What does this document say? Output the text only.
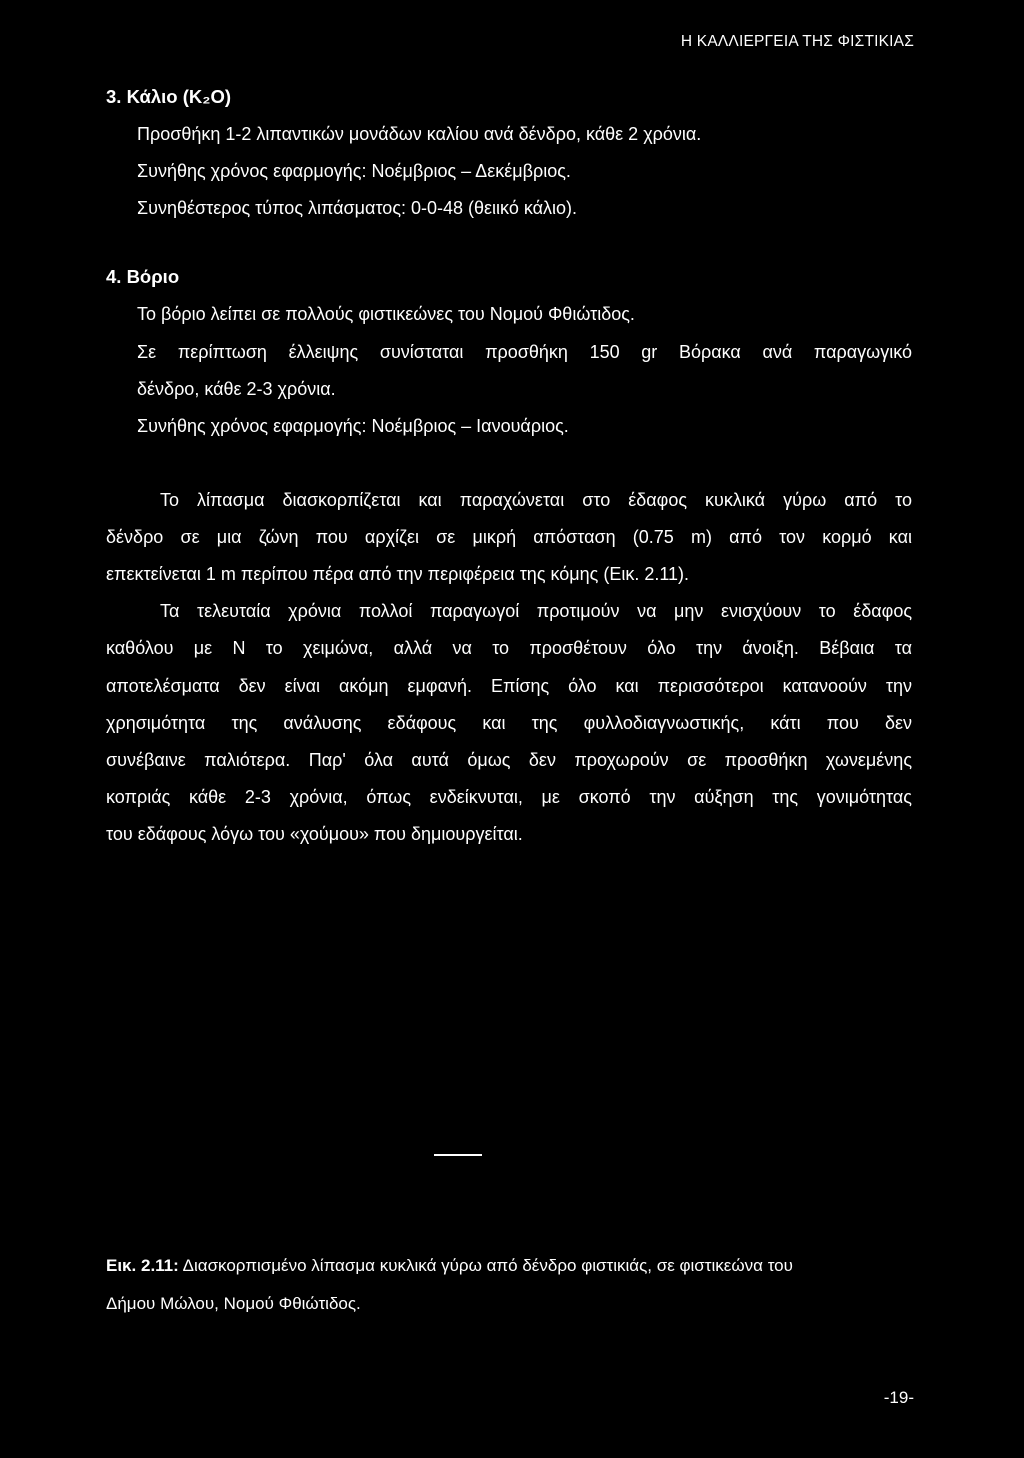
Η ΚΑΛΛΙΕΡΓΕΙΑ ΤΗΣ ΦΙΣΤΙΚΙΑΣ
3. Κάλιο (K₂O)
Προσθήκη 1-2 λιπαντικών μονάδων καλίου ανά δένδρο, κάθε 2 χρόνια.
Συνήθης χρόνος εφαρμογής: Νοέμβριος – Δεκέμβριος.
Συνηθέστερος τύπος λιπάσματος: 0-0-48 (θειικό κάλιο).
4. Βόριο
Το βόριο λείπει σε πολλούς φιστικεώνες του Νομού Φθιώτιδος.
Σε περίπτωση έλλειψης συνίσταται προσθήκη 150 gr Βόρακα ανά παραγωγικό
δένδρο, κάθε 2-3 χρόνια.
Συνήθης χρόνος εφαρμογής: Νοέμβριος – Ιανουάριος.
Το λίπασμα διασκορπίζεται και παραχώνεται στο έδαφος κυκλικά γύρω από το
δένδρο σε μια ζώνη που αρχίζει σε μικρή απόσταση (0.75 m) από τον κορμό και
επεκτείνεται 1 m περίπου πέρα από την περιφέρεια της κόμης (Εικ. 2.11).
Τα τελευταία χρόνια πολλοί παραγωγοί προτιμούν να μην ενισχύουν το έδαφος
καθόλου με Ν το χειμώνα, αλλά να το προσθέτουν όλο την άνοιξη. Βέβαια τα
αποτελέσματα δεν είναι ακόμη εμφανή. Επίσης όλο και περισσότεροι κατανοούν την
χρησιμότητα της ανάλυσης εδάφους και της φυλλοδιαγνωστικής, κάτι που δεν
συνέβαινε παλιότερα. Παρ' όλα αυτά όμως δεν προχωρούν σε προσθήκη χωνεμένης
κοπριάς κάθε 2-3 χρόνια, όπως ενδείκνυται, με σκοπό την αύξηση της γονιμότητας
του εδάφους λόγω του «χούμου» που δημιουργείται.
Εικ. 2.11: Διασκορπισμένο λίπασμα κυκλικά γύρω από δένδρο φιστικιάς, σε φιστικεώνα του
Δήμου Μώλου, Νομού Φθιώτιδος.
-19-
